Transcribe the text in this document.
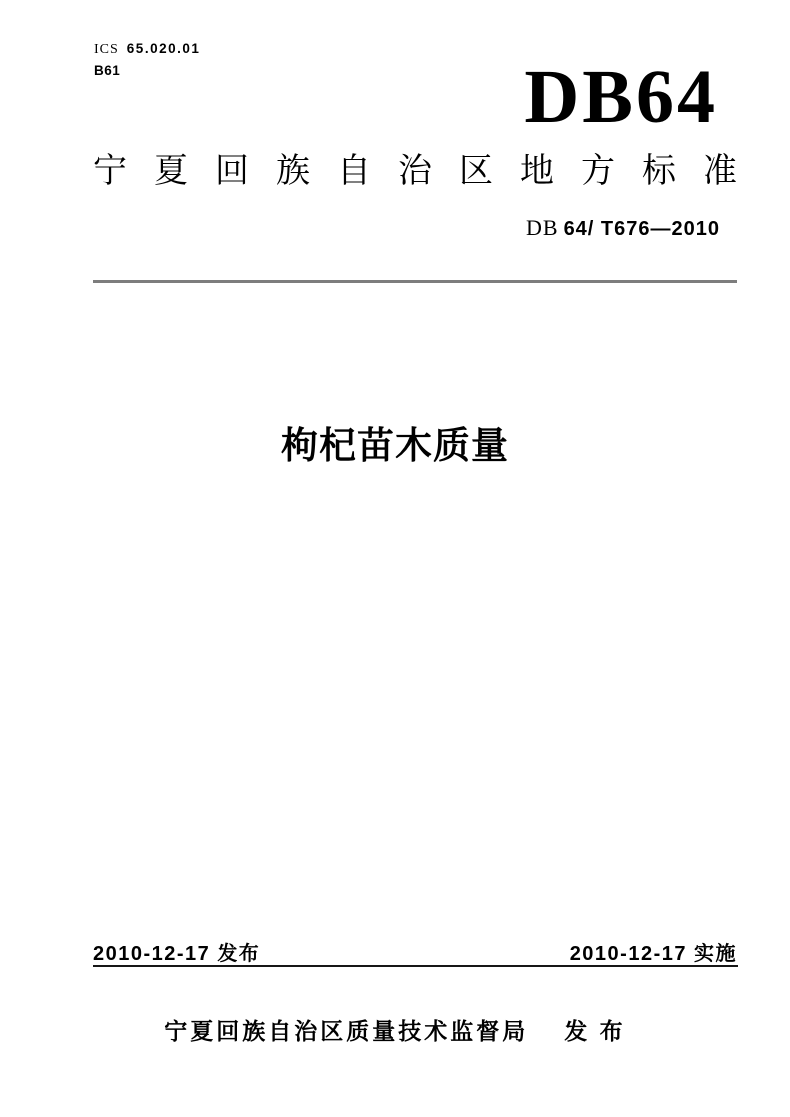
ICS 65.020.01
B61	DB64
宁夏回族自治区地方标准
DB 64/ T676—2010
枸杞苗木质量
2010-12-17 发布	2010-12-17 实施
宁夏回族自治区质量技术监督局 发 布
